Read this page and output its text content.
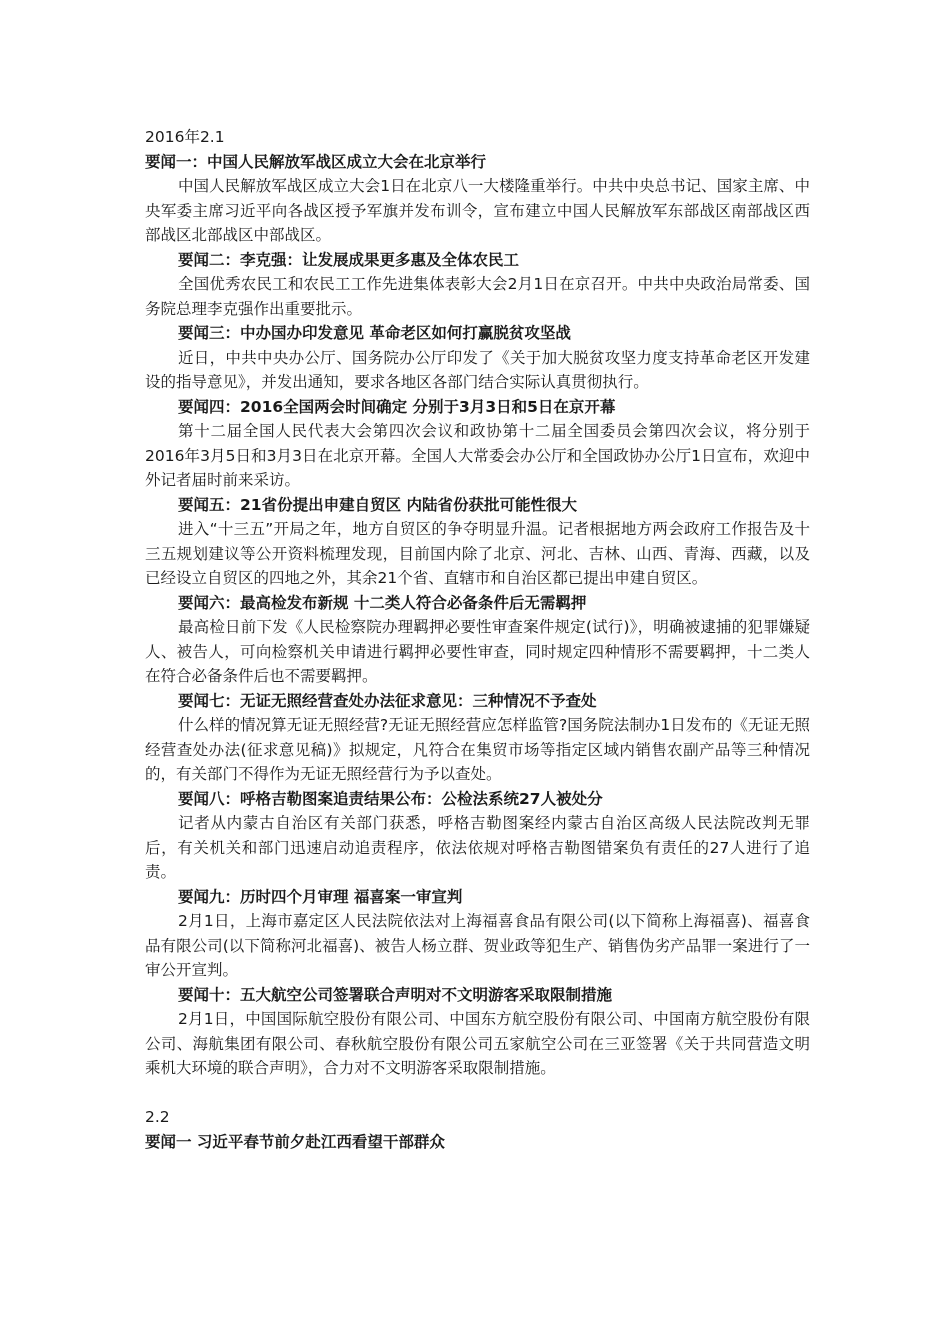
2016年2.1

要闻一：中国人民解放军战区成立大会在北京举行

中国人民解放军战区成立大会1日在北京八一大楼隆重举行。中共中央总书记、国家主席、中央军委主席习近平向各战区授予军旗并发布训令，宣布建立中国人民解放军东部战区南部战区西部战区北部战区中部战区。

要闻二：李克强：让发展成果更多惠及全体农民工

全国优秀农民工和农民工工作先进集体表彰大会2月1日在京召开。中共中央政治局常委、国务院总理李克强作出重要批示。

要闻三：中办国办印发意见 革命老区如何打赢脱贫攻坚战

近日，中共中央办公厅、国务院办公厅印发了《关于加大脱贫攻坚力度支持革命老区开发建设的指导意见》，并发出通知，要求各地区各部门结合实际认真贯彻执行。

要闻四：2016全国两会时间确定 分别于3月3日和5日在京开幕

第十二届全国人民代表大会第四次会议和政协第十二届全国委员会第四次会议，将分别于2016年3月5日和3月3日在北京开幕。全国人大常委会办公厅和全国政协办公厅1日宣布，欢迎中外记者届时前来采访。

要闻五：21省份提出申建自贸区 内陆省份获批可能性很大

进入“十三五”开局之年，地方自贸区的争夺明显升温。记者根据地方两会政府工作报告及十三五规划建议等公开资料梳理发现，目前国内除了北京、河北、吉林、山西、青海、西藏，以及已经设立自贸区的四地之外，其余21个省、直辖市和自治区都已提出申建自贸区。

要闻六：最高检发布新规 十二类人符合必备条件后无需羁押

最高检日前下发《人民检察院办理羁押必要性审查案件规定(试行)》，明确被逮捕的犯罪嫌疑人、被告人，可向检察机关申请进行羁押必要性审查，同时规定四种情形不需要羁押，十二类人在符合必备条件后也不需要羁押。

要闻七：无证无照经营查处办法征求意见：三种情况不予查处

什么样的情况算无证无照经营?无证无照经营应怎样监管?国务院法制办1日发布的《无证无照经营查处办法(征求意见稿)》拟规定，凡符合在集贸市场等指定区域内销售农副产品等三种情况的，有关部门不得作为无证无照经营行为予以查处。

要闻八：呼格吉勒图案追责结果公布：公检法系统27人被处分

记者从内蒙古自治区有关部门获悉，呼格吉勒图案经内蒙古自治区高级人民法院改判无罪后，有关机关和部门迅速启动追责程序，依法依规对呼格吉勒图错案负有责任的27人进行了追责。

要闻九：历时四个月审理 福喜案一审宣判

2月1日，上海市嘉定区人民法院依法对上海福喜食品有限公司(以下简称上海福喜)、福喜食品有限公司(以下简称河北福喜)、被告人杨立群、贺业政等犯生产、销售伪劣产品罪一案进行了一审公开宣判。

要闻十：五大航空公司签署联合声明对不文明游客采取限制措施

2月1日，中国国际航空股份有限公司、中国东方航空股份有限公司、中国南方航空股份有限公司、海航集团有限公司、春秋航空股份有限公司五家航空公司在三亚签署《关于共同营造文明乘机大环境的联合声明》，合力对不文明游客采取限制措施。

2.2

要闻一 习近平春节前夕赴江西看望干部群众
